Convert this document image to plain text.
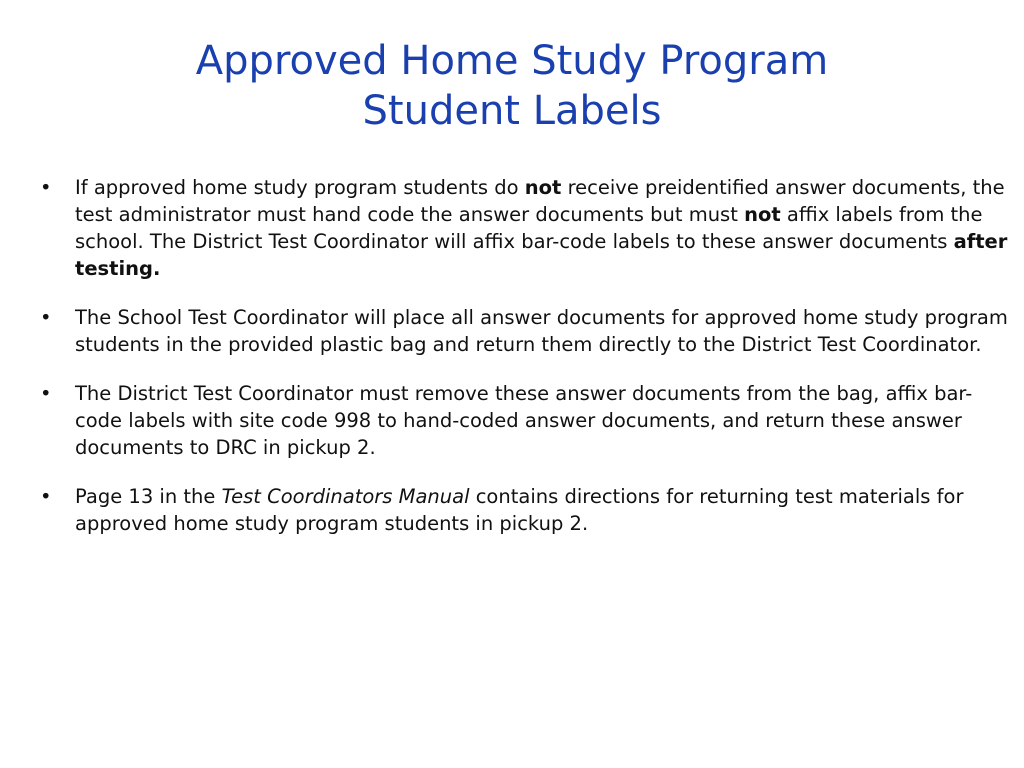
Approved Home Study Program
Student Labels
• If approved home study program students do not receive preidentified answer documents, the test administrator must hand code the answer documents but must not affix labels from the school. The District Test Coordinator will affix bar-code labels to these answer documents after testing.
• The School Test Coordinator will place all answer documents for approved home study program students in the provided plastic bag and return them directly to the District Test Coordinator.
• The District Test Coordinator must remove these answer documents from the bag, affix bar-code labels with site code 998 to hand-coded answer documents, and return these answer documents to DRC in pickup 2.
• Page 13 in the Test Coordinators Manual contains directions for returning test materials for approved home study program students in pickup 2.
